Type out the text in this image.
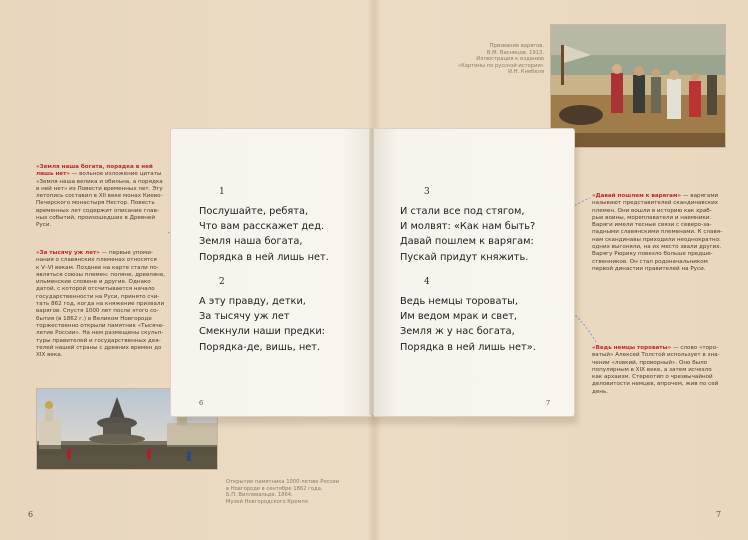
«Земля наша богата, порядка в ней
лишь нет» — вольное изложение цитаты
«Земля наша велика и обильна, а порядка
в ней нет» из Повести временных лет. Эту
летопись составил в XII веке монах Киево-
Печерского монастыря Нестор. Повесть
временных лет содержит описание глав-
ных событий, произошедших в Древней
Руси.
«За тысячу уж лет» — первые упоми-
нания о славянских племенах относятся
к V–VI векам. Позднее на карте стали по-
являться союзы племен: поляне, древляне,
ильменские словене и другие. Однако
датой, с которой отсчитывается начало
государственности на Руси, принято счи-
тать 862 год, когда на княжение призвали
варягов. Спустя 1000 лет после этого со-
бытия (в 1862 г.) в Великом Новгороде
торжественно открыли памятник «Тысяче-
летие России». На нем размещены скульп-
туры правителей и государственных дея-
телей нашей страны с древних времен до
XIX века.
Открытие памятника 1000-летию России
в Новгороде в сентябре 1862 года.
Б.П. Виллевальде. 1864.
Музей Новгородского Кремля
6
Призвание варягов.
В.М. Васнецов. 1913.
Иллюстрация к изданию
«Картины по русской истории»
И.Н. Кнебеля
«Давай пошлем к варягам» — варягами
называют представителей скандинавских
племен. Они вошли в историю как храб-
рые воины, мореплаватели и наемники.
Варяги имели тесные связи с северо-за-
падными славянскими племенами. К славя-
нам скандинавы приходили неоднократно:
одних выгоняли, на их место звали других.
Варягу Рюрику повезло больше предше-
ственников. Он стал родоначальником
первой династии правителей на Руси.
«Ведь немцы тороваты» — слово «торо-
ватый» Алексей Толстой использует в зна-
чении «ловкий, проворный». Оно было
популярным в XIX веке, а затем исчезло
как архаизм. Стереотип о чрезвычайной
деловитости немцев, впрочем, жив по сей
день.
7
1
Послушайте, ребята,
Что вам расскажет дед.
Земля наша богата,
Порядка в ней лишь нет.
2
А эту правду, детки,
За тысячу уж лет
Смекнули наши предки:
Порядка-де, вишь, нет.
6
3
И стали все под стягом,
И молвят: «Как нам быть?
Давай пошлем к варягам:
Пускай придут княжить.
4
Ведь немцы тороваты,
Им ведом мрак и свет,
Земля ж у нас богата,
Порядка в ней лишь нет».
7
